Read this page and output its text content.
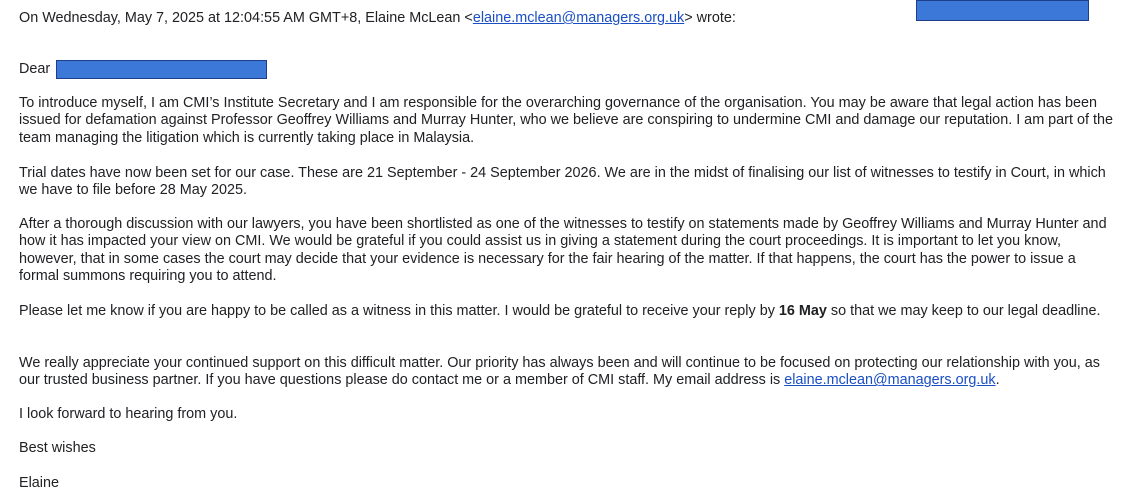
On Wednesday, May 7, 2025 at 12:04:55 AM GMT+8, Elaine McLean <elaine.mclean@managers.org.uk> wrote:
Dear

To introduce myself, I am CMI’s Institute Secretary and I am responsible for the overarching governance of the organisation. You may be aware that legal action has been issued for defamation against Professor Geoffrey Williams and Murray Hunter, who we believe are conspiring to undermine CMI and damage our reputation. I am part of the team managing the litigation which is currently taking place in Malaysia.

Trial dates have now been set for our case. These are 21 September - 24 September 2026. We are in the midst of finalising our list of witnesses to testify in Court, in which we have to file before 28 May 2025.

After a thorough discussion with our lawyers, you have been shortlisted as one of the witnesses to testify on statements made by Geoffrey Williams and Murray Hunter and how it has impacted your view on CMI. We would be grateful if you could assist us in giving a statement during the court proceedings. It is important to let you know, however, that in some cases the court may decide that your evidence is necessary for the fair hearing of the matter. If that happens, the court has the power to issue a formal summons requiring you to attend.

Please let me know if you are happy to be called as a witness in this matter. I would be grateful to receive your reply by 16 May so that we may keep to our legal deadline.

We really appreciate your continued support on this difficult matter. Our priority has always been and will continue to be focused on protecting our relationship with you, as our trusted business partner. If you have questions please do contact me or a member of CMI staff. My email address is elaine.mclean@managers.org.uk.

I look forward to hearing from you.

Best wishes

Elaine
